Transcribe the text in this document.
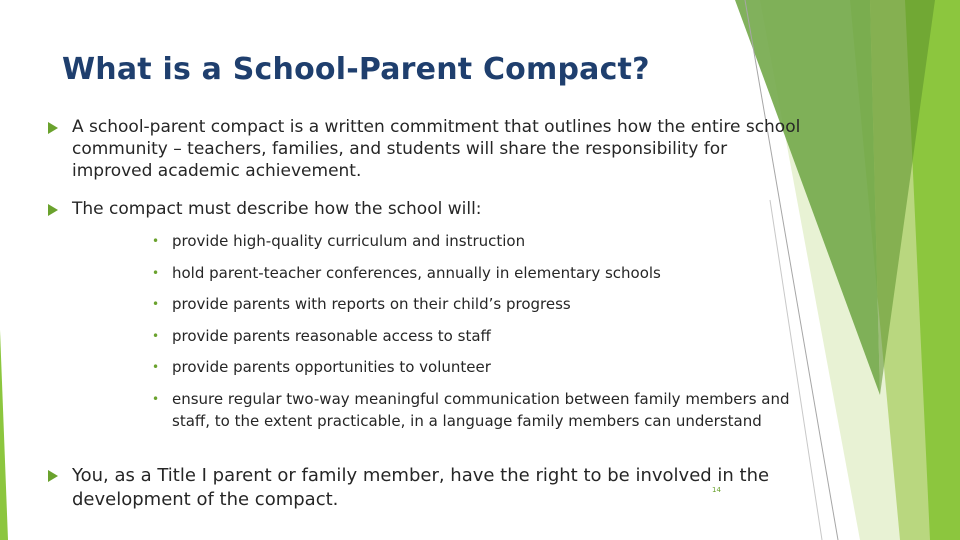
What is a School-Parent Compact?
A school-parent compact is a written commitment that outlines how the entire school community – teachers, families, and students will share the responsibility for improved academic achievement.
The compact must describe how the school will:
• provide high-quality curriculum and instruction
• hold parent-teacher conferences, annually in elementary schools
• provide parents with reports on their child’s progress
• provide parents reasonable access to staff
• provide parents opportunities to volunteer
• ensure regular two-way meaningful communication between family members and staff, to the extent practicable, in a language family members can understand
You, as a Title I parent or family member, have the right to be involved in the development of the compact.	14
